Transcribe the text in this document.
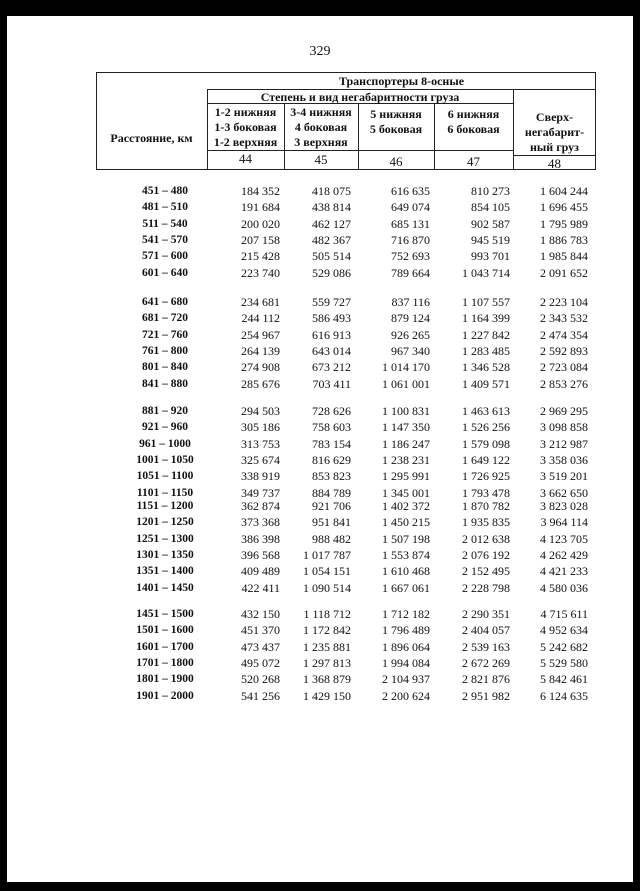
329
Транспортеры 8-осные
Степень и вид негабаритности груза
Расстояние, км
1-2 нижняя
1-3 боковая
1-2 верхняя
3-4 нижняя
4 боковая
3 верхняя
5 нижняя
5 боковая
6 нижняя
6 боковая
Сверх-
негабарит-
ный груз
44	45	46	47	48
451 – 480	184 352	418 075	616 635	810 273	1 604 244
481 – 510	191 684	438 814	649 074	854 105	1 696 455
511 – 540	200 020	462 127	685 131	902 587	1 795 989
541 – 570	207 158	482 367	716 870	945 519	1 886 783
571 – 600	215 428	505 514	752 693	993 701	1 985 844
601 – 640	223 740	529 086	789 664	1 043 714	2 091 652
641 – 680	234 681	559 727	837 116	1 107 557	2 223 104
681 – 720	244 112	586 493	879 124	1 164 399	2 343 532
721 – 760	254 967	616 913	926 265	1 227 842	2 474 354
761 – 800	264 139	643 014	967 340	1 283 485	2 592 893
801 – 840	274 908	673 212	1 014 170	1 346 528	2 723 084
841 – 880	285 676	703 411	1 061 001	1 409 571	2 853 276
881 – 920	294 503	728 626	1 100 831	1 463 613	2 969 295
921 – 960	305 186	758 603	1 147 350	1 526 256	3 098 858
961 – 1000	313 753	783 154	1 186 247	1 579 098	3 212 987
1001 – 1050	325 674	816 629	1 238 231	1 649 122	3 358 036
1051 – 1100	338 919	853 823	1 295 991	1 726 925	3 519 201
1101 – 1150	349 737	884 789	1 345 001	1 793 478	3 662 650
1151 – 1200	362 874	921 706	1 402 372	1 870 782	3 823 028
1201 – 1250	373 368	951 841	1 450 215	1 935 835	3 964 114
1251 – 1300	386 398	988 482	1 507 198	2 012 638	4 123 705
1301 – 1350	396 568	1 017 787	1 553 874	2 076 192	4 262 429
1351 – 1400	409 489	1 054 151	1 610 468	2 152 495	4 421 233
1401 – 1450	422 411	1 090 514	1 667 061	2 228 798	4 580 036
1451 – 1500	432 150	1 118 712	1 712 182	2 290 351	4 715 611
1501 – 1600	451 370	1 172 842	1 796 489	2 404 057	4 952 634
1601 – 1700	473 437	1 235 881	1 896 064	2 539 163	5 242 682
1701 – 1800	495 072	1 297 813	1 994 084	2 672 269	5 529 580
1801 – 1900	520 268	1 368 879	2 104 937	2 821 876	5 842 461
1901 – 2000	541 256	1 429 150	2 200 624	2 951 982	6 124 635
